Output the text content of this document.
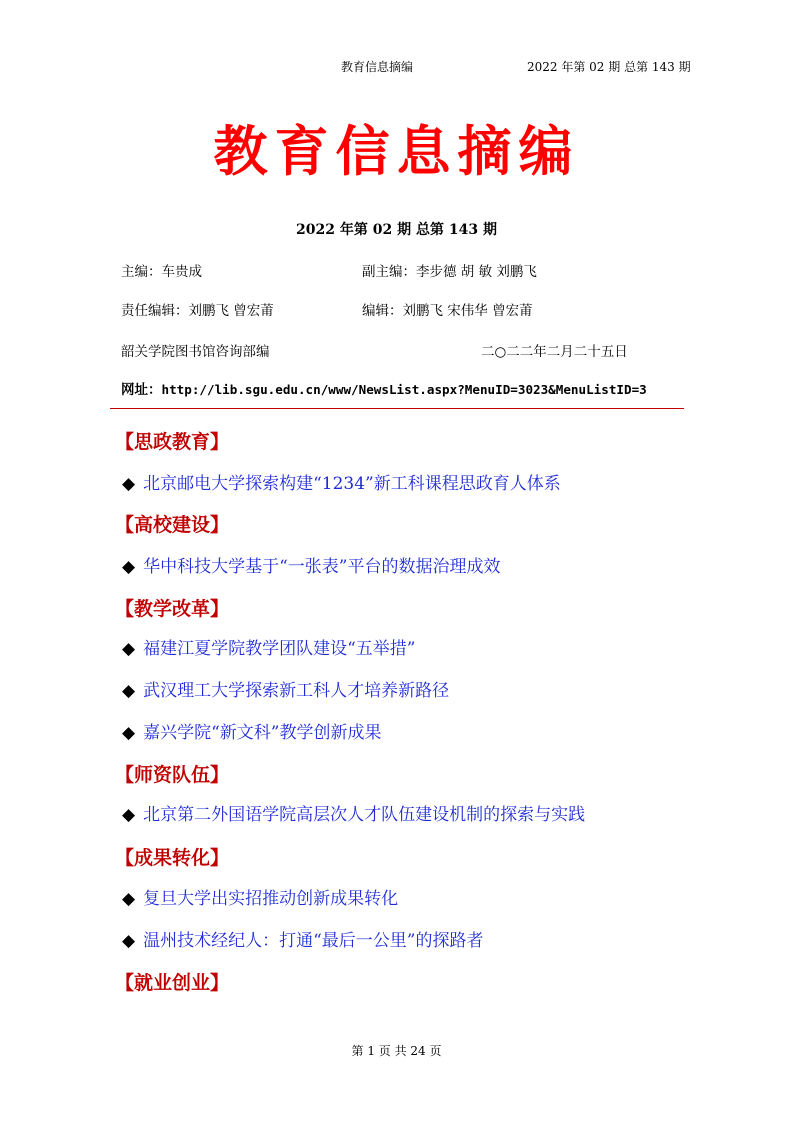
教育信息摘编	2022 年第 02 期 总第 143 期
教育信息摘编
2022 年第 02 期 总第 143 期
主编：车贵成	副主编：李步德 胡 敏 刘鹏飞
责任编辑：刘鹏飞 曾宏莆	编辑：刘鹏飞 宋伟华 曾宏莆
韶关学院图书馆咨询部编	二○二二年二月二十五日
网址：http://lib.sgu.edu.cn/www/NewsList.aspx?MenuID=3023&MenuListID=3
【思政教育】
◆ 北京邮电大学探索构建“1234”新工科课程思政育人体系
【高校建设】
◆ 华中科技大学基于“一张表”平台的数据治理成效
【教学改革】
◆ 福建江夏学院教学团队建设“五举措”
◆ 武汉理工大学探索新工科人才培养新路径
◆ 嘉兴学院“新文科”教学创新成果
【师资队伍】
◆ 北京第二外国语学院高层次人才队伍建设机制的探索与实践
【成果转化】
◆ 复旦大学出实招推动创新成果转化
◆ 温州技术经纪人：打通“最后一公里”的探路者
【就业创业】
第 1 页 共 24 页
